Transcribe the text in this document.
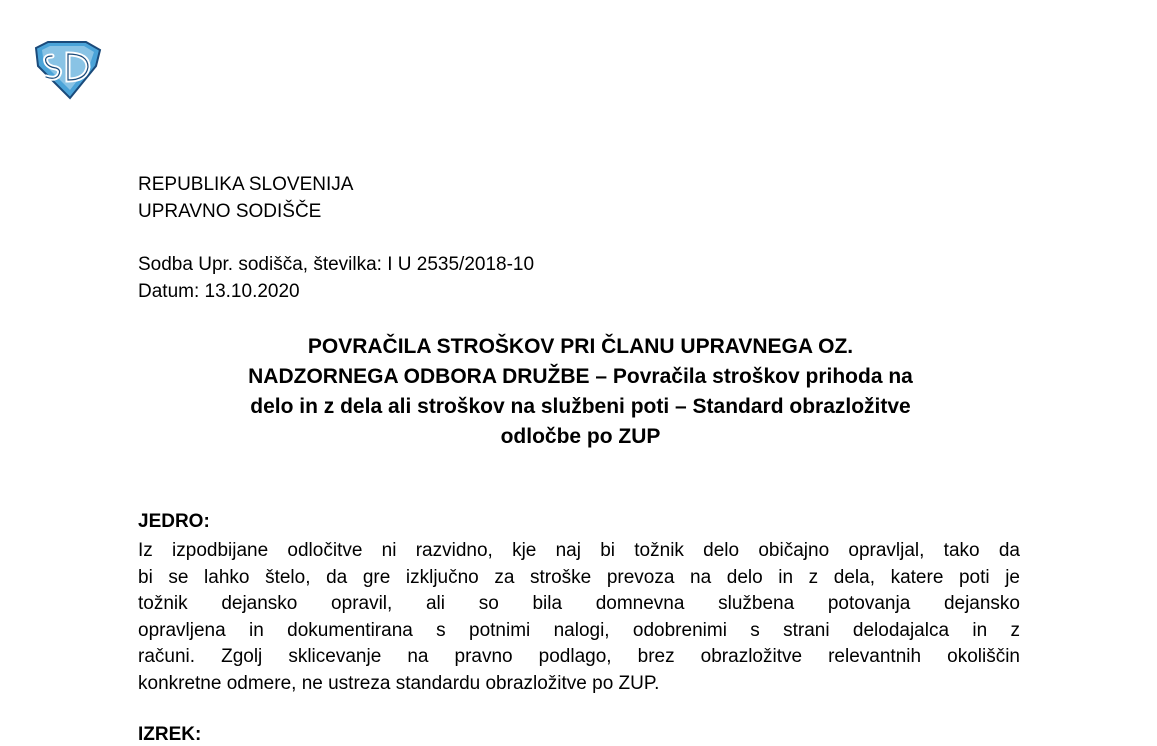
REPUBLIKA SLOVENIJA
UPRAVNO SODIŠČE
Sodba Upr. sodišča, številka: I U 2535/2018-10
Datum: 13.10.2020
POVRAČILA STROŠKOV PRI ČLANU UPRAVNEGA OZ.
NADZORNEGA ODBORA DRUŽBE – Povračila stroškov prihoda na
delo in z dela ali stroškov na službeni poti – Standard obrazložitve
odločbe po ZUP
JEDRO:
Iz izpodbijane odločitve ni razvidno, kje naj bi tožnik delo običajno opravljal, tako da
bi se lahko štelo, da gre izključno za stroške prevoza na delo in z dela, katere poti je
tožnik dejansko opravil, ali so bila domnevna službena potovanja dejansko
opravljena in dokumentirana s potnimi nalogi, odobrenimi s strani delodajalca in z
računi. Zgolj sklicevanje na pravno podlago, brez obrazložitve relevantnih okoliščin
konkretne odmere, ne ustreza standardu obrazložitve po ZUP.
IZREK:
